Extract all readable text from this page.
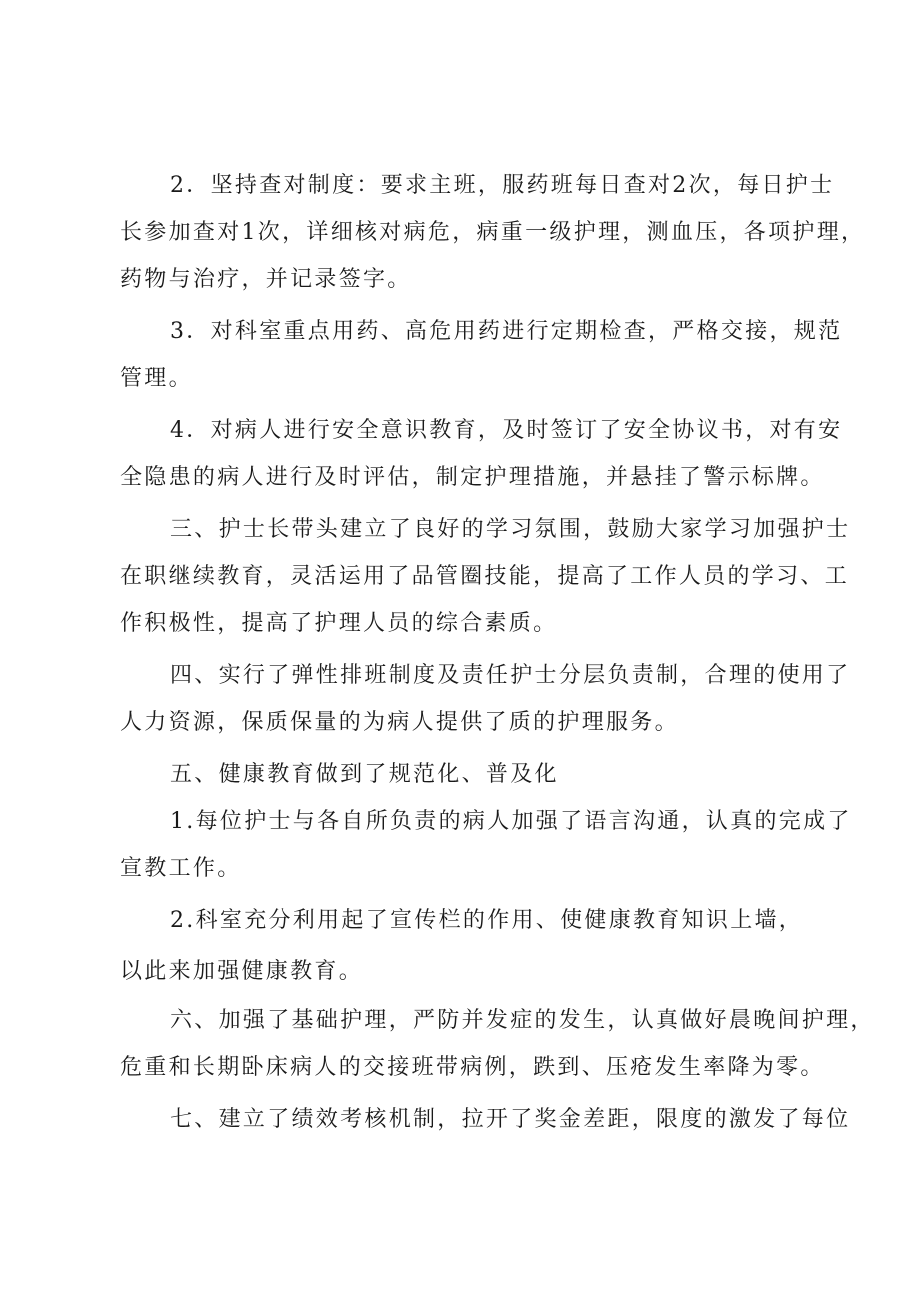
2．坚持查对制度：要求主班，服药班每日查对2次，每日护士
长参加查对1次，详细核对病危，病重一级护理，测血压，各项护理，
药物与治疗，并记录签字。
3．对科室重点用药、高危用药进行定期检查，严格交接，规范
管理。
4．对病人进行安全意识教育，及时签订了安全协议书，对有安
全隐患的病人进行及时评估，制定护理措施，并悬挂了警示标牌。
三、护士长带头建立了良好的学习氛围，鼓励大家学习加强护士
在职继续教育，灵活运用了品管圈技能，提高了工作人员的学习、工
作积极性，提高了护理人员的综合素质。
四、实行了弹性排班制度及责任护士分层负责制，合理的使用了
人力资源，保质保量的为病人提供了质的护理服务。
五、健康教育做到了规范化、普及化
1.每位护士与各自所负责的病人加强了语言沟通，认真的完成了
宣教工作。
2.科室充分利用起了宣传栏的作用、使健康教育知识上墙，
以此来加强健康教育。
六、加强了基础护理，严防并发症的发生，认真做好晨晚间护理，
危重和长期卧床病人的交接班带病例，跌到、压疮发生率降为零。
七、建立了绩效考核机制，拉开了奖金差距，限度的激发了每位
